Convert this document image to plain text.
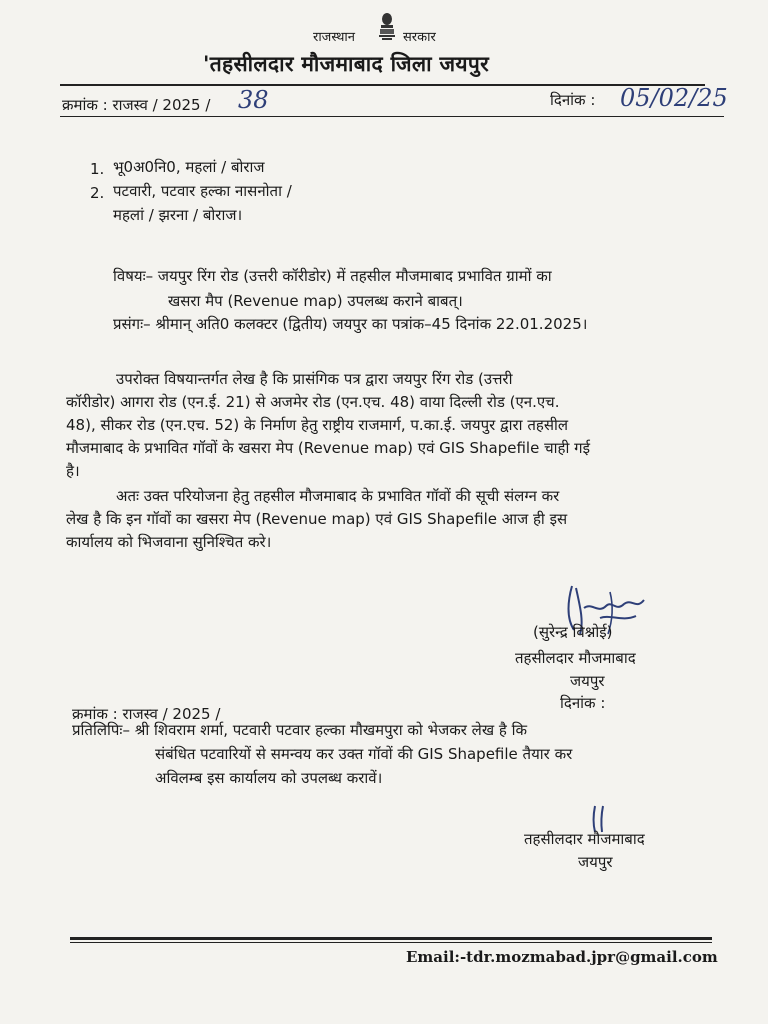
राजस्थान	सरकार
'तहसीलदार मौजमाबाद जिला जयपुर
क्रमांक : राजस्व / 2025 / 38	दिनांक : 05/02/25
1. भू0अ0नि0, महलां / बोराज
2. पटवारी, पटवार हल्का नासनोता /
महलां / झरना / बोराज।
विषयः– जयपुर रिंग रोड (उत्तरी कॉरीडोर) में तहसील मौजमाबाद प्रभावित ग्रामों का
खसरा मैप (Revenue map) उपलब्ध कराने बाबत्।
प्रसंगः– श्रीमान् अति0 कलक्टर (द्वितीय) जयपुर का पत्रांक–45 दिनांक 22.01.2025।

उपरोक्त विषयान्तर्गत लेख है कि प्रासंगिक पत्र द्वारा जयपुर रिंग रोड (उत्तरी

कॉरीडोर) आगरा रोड (एन.ई. 21) से अजमेर रोड (एन.एच. 48) वाया दिल्ली रोड (एन.एच.

48), सीकर रोड (एन.एच. 52) के निर्माण हेतु राष्ट्रीय राजमार्ग, प.का.ई. जयपुर द्वारा तहसील

मौजमाबाद के प्रभावित गॉवों के खसरा मेप (Revenue map) एवं GIS Shapefile चाही गई

है।

अतः उक्त परियोजना हेतु तहसील मौजमाबाद के प्रभावित गॉवों की सूची संलग्न कर

लेख है कि इन गॉवों का खसरा मेप (Revenue map) एवं GIS Shapefile आज ही इस

कार्यालय को भिजवाना सुनिश्चित करे।

(सुरेन्द्र विश्नोई)
तहसीलदार मौजमाबाद
जयपुर
दिनांक :
क्रमांक : राजस्व / 2025 /
प्रतिलिपिः– श्री शिवराम शर्मा, पटवारी पटवार हल्का मौखमपुरा को भेजकर लेख है कि
संबंधित पटवारियों से समन्वय कर उक्त गॉवों की GIS Shapefile तैयार कर
अविलम्ब इस कार्यालय को उपलब्ध करावें।
तहसीलदार मौजमाबाद
जयपुर
Email:-tdr.mozmabad.jpr@gmail.com
